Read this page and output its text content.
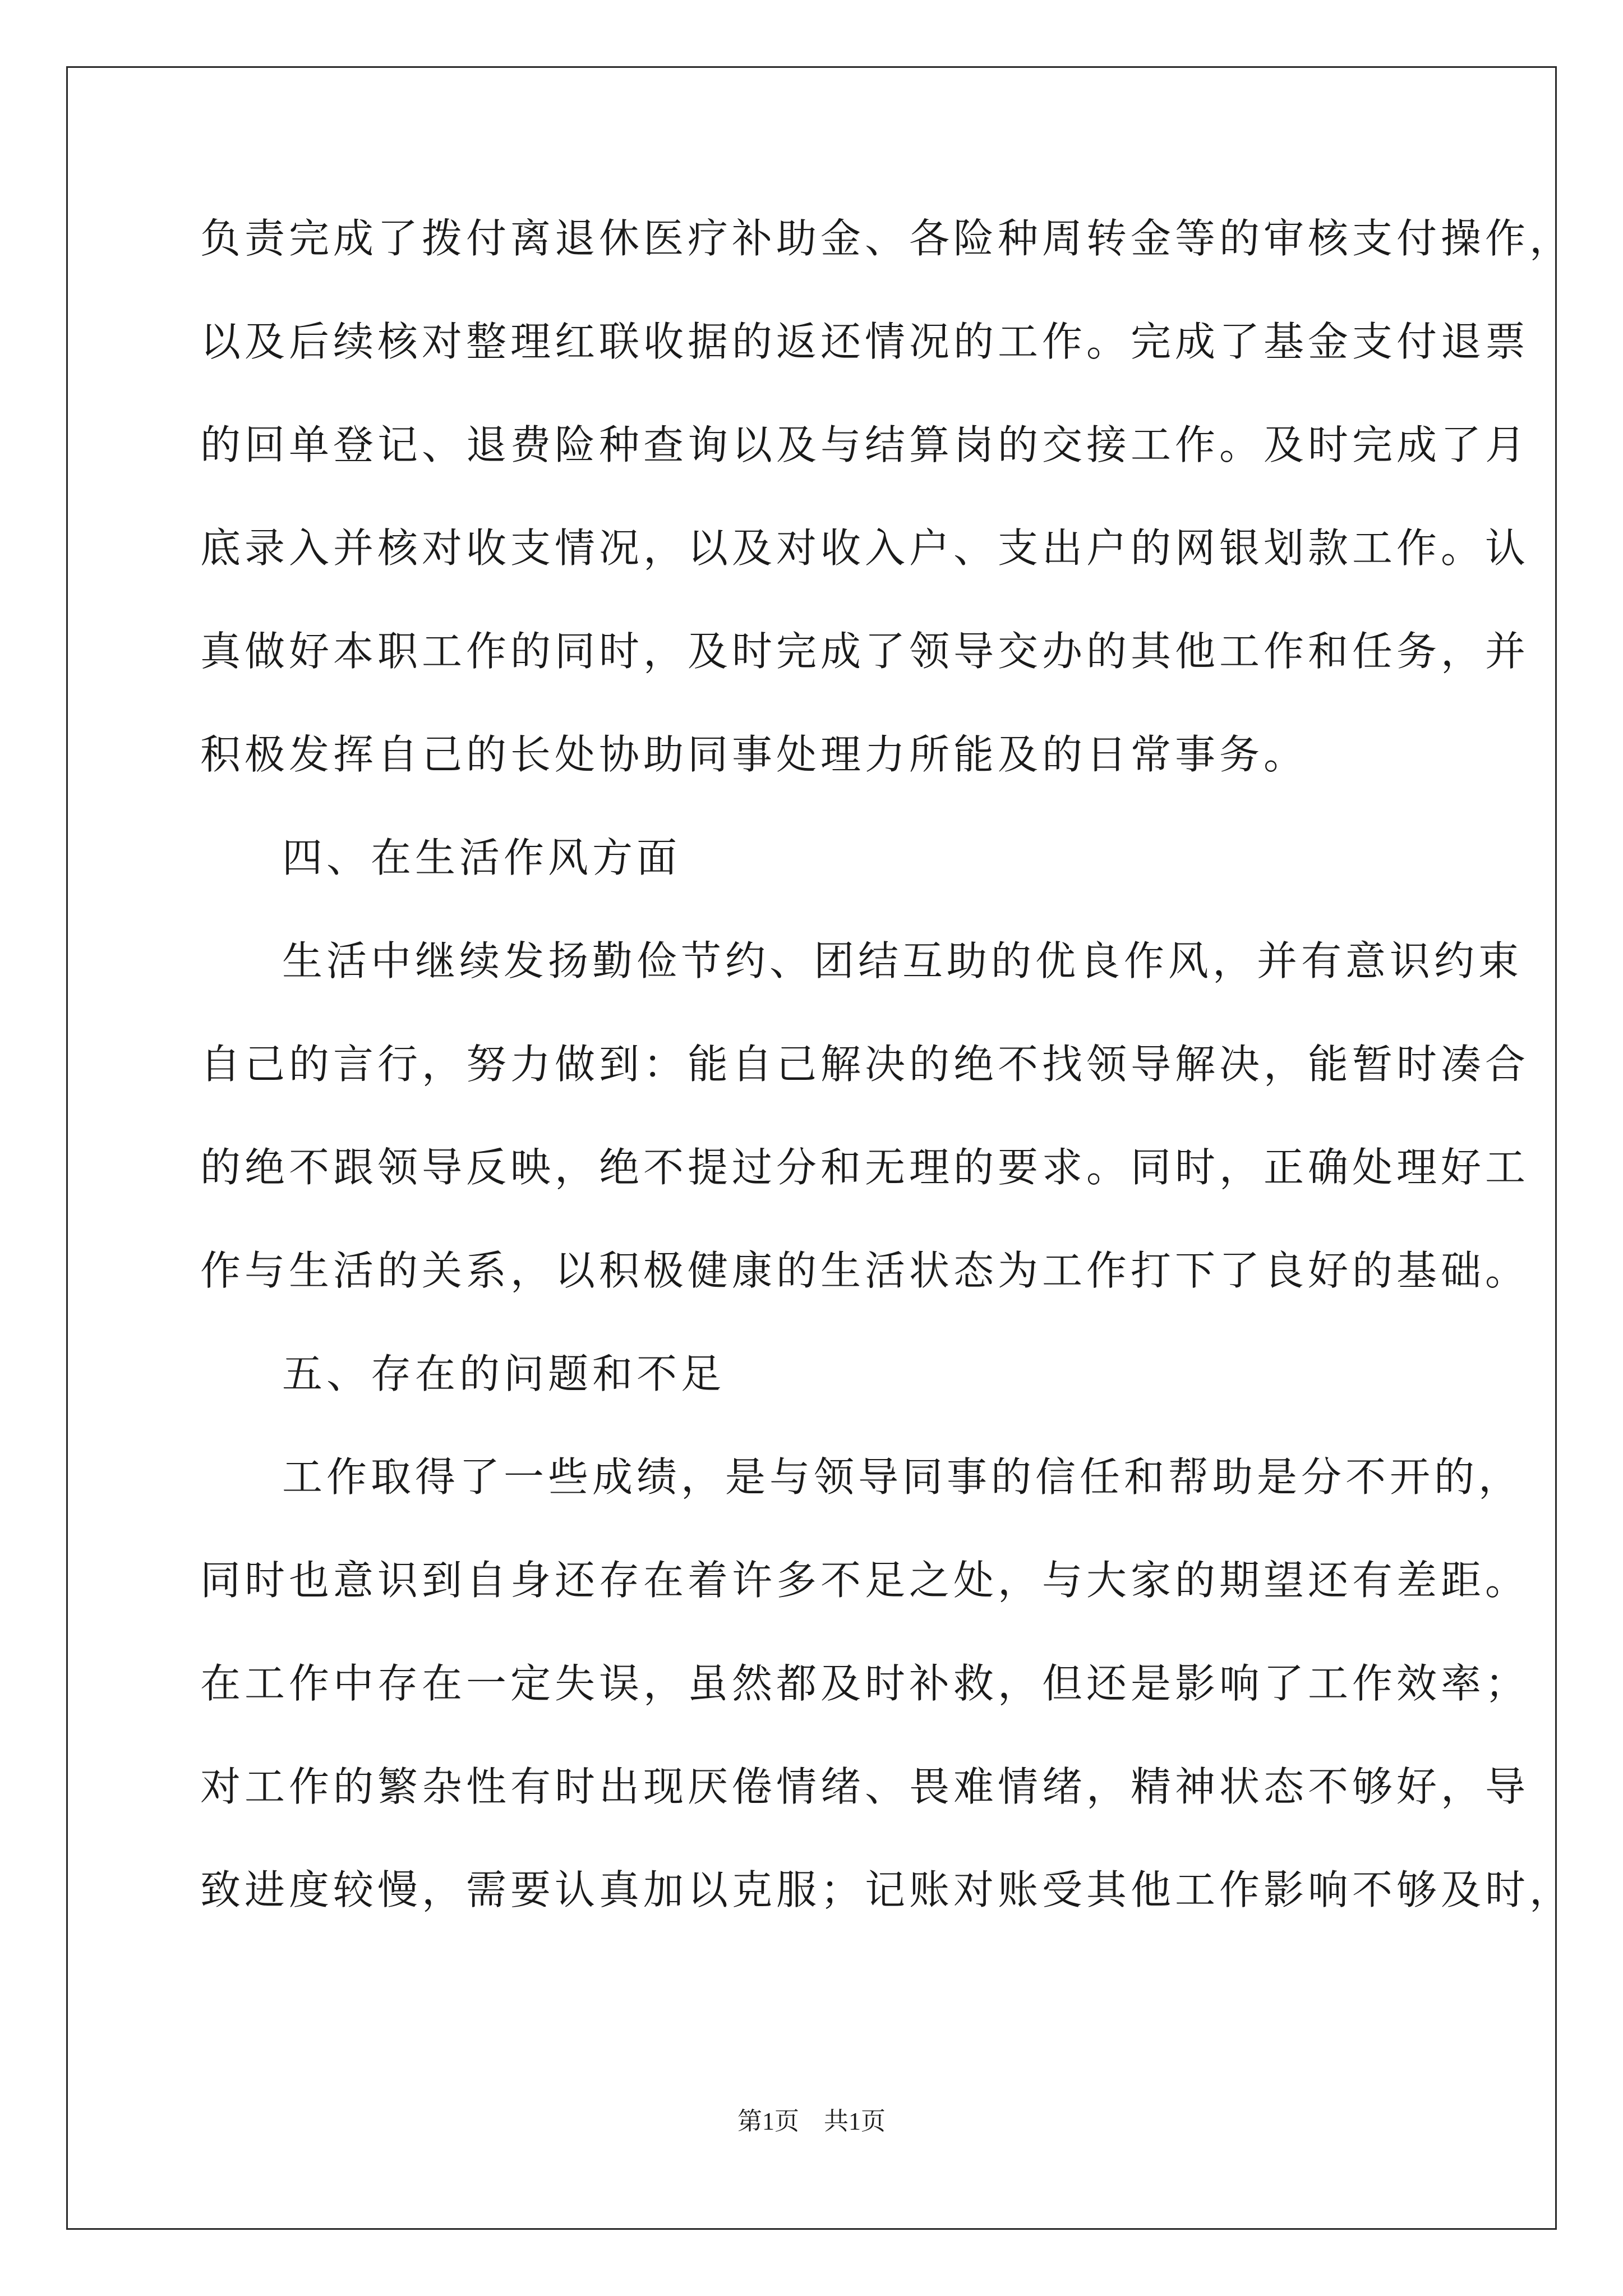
负责完成了拨付离退休医疗补助金、各险种周转金等的审核支付操作，
以及后续核对整理红联收据的返还情况的工作。完成了基金支付退票
的回单登记、退费险种查询以及与结算岗的交接工作。及时完成了月
底录入并核对收支情况，以及对收入户、支出户的网银划款工作。认
真做好本职工作的同时，及时完成了领导交办的其他工作和任务，并
积极发挥自己的长处协助同事处理力所能及的日常事务。
四、在生活作风方面
生活中继续发扬勤俭节约、团结互助的优良作风，并有意识约束
自己的言行，努力做到：能自己解决的绝不找领导解决，能暂时凑合
的绝不跟领导反映，绝不提过分和无理的要求。同时，正确处理好工
作与生活的关系，以积极健康的生活状态为工作打下了良好的基础。
五、存在的问题和不足
工作取得了一些成绩，是与领导同事的信任和帮助是分不开的，
同时也意识到自身还存在着许多不足之处，与大家的期望还有差距。
在工作中存在一定失误，虽然都及时补救，但还是影响了工作效率；
对工作的繁杂性有时出现厌倦情绪、畏难情绪，精神状态不够好，导
致进度较慢，需要认真加以克服；记账对账受其他工作影响不够及时，
第1页　共1页
